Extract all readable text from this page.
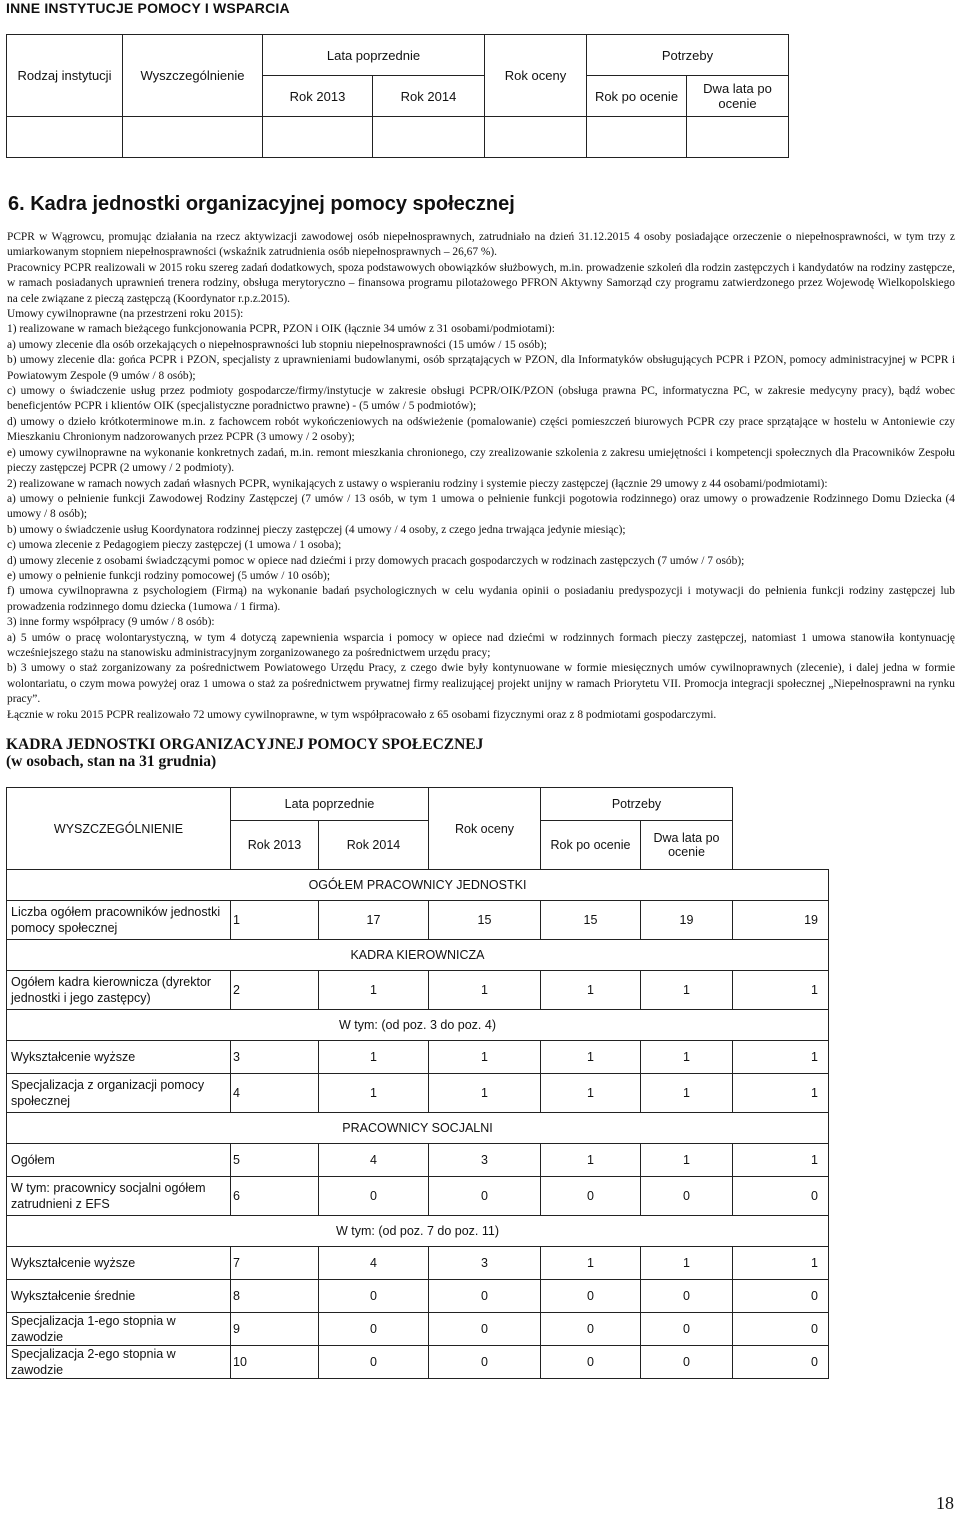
INNE INSTYTUCJE POMOCY I WSPARCIA
Rodzaj instytucji	Wyszczególnienie	Lata poprzednie		Rok oceny	Potrzeby	
		Rok 2013	Rok 2014		Rok po ocenie	Dwa lata po ocenie

6. Kadra jednostki organizacyjnej pomocy społecznej

PCPR w Wągrowcu, promując działania na rzecz aktywizacji zawodowej osób niepełnosprawnych, zatrudniało na dzień 31.12.2015 4 osoby posiadające orzeczenie o niepełnosprawności, w tym trzy z umiarkowanym stopniem niepełnosprawności (wskaźnik zatrudnienia osób niepełnosprawnych – 26,67 %).

Pracownicy PCPR realizowali w 2015 roku szereg zadań dodatkowych, spoza podstawowych obowiązków służbowych, m.in. prowadzenie szkoleń dla rodzin zastępczych i kandydatów na rodziny zastępcze, w ramach posiadanych uprawnień trenera rodziny, obsługa merytoryczno – finansowa programu pilotażowego PFRON Aktywny Samorząd czy programu zatwierdzonego przez Wojewodę Wielkopolskiego na cele związane z pieczą zastępczą (Koordynator r.p.z.2015).

Umowy cywilnoprawne (na przestrzeni roku 2015):

1) realizowane w ramach bieżącego funkcjonowania PCPR, PZON i OIK (łącznie 34 umów z 31 osobami/podmiotami):

a) umowy zlecenie dla osób orzekających o niepełnosprawności lub stopniu niepełnosprawności (15 umów / 15 osób);

b) umowy zlecenie dla: gońca PCPR i PZON, specjalisty z uprawnieniami budowlanymi, osób sprzątających w PZON, dla Informatyków obsługujących PCPR i PZON, pomocy administracyjnej w PCPR i Powiatowym Zespole (9 umów / 8 osób);

c) umowy o świadczenie usług przez podmioty gospodarcze/firmy/instytucje w zakresie obsługi PCPR/OIK/PZON (obsługa prawna PC, informatyczna PC, w zakresie medycyny pracy), bądź wobec beneficjentów PCPR i klientów OIK (specjalistyczne poradnictwo prawne) - (5 umów / 5 podmiotów);

d) umowy o dzieło krótkoterminowe m.in. z fachowcem robót wykończeniowych na odświeżenie (pomalowanie) części pomieszczeń biurowych PCPR czy prace sprzątające w hostelu w Antoniewie czy Mieszkaniu Chronionym nadzorowanych przez PCPR (3 umowy / 2 osoby);

e) umowy cywilnoprawne na wykonanie konkretnych zadań, m.in. remont mieszkania chronionego, czy zrealizowanie szkolenia z zakresu umiejętności i kompetencji społecznych dla Pracowników Zespołu pieczy zastępczej PCPR (2 umowy / 2 podmioty).

2) realizowane w ramach nowych zadań własnych PCPR, wynikających z ustawy o wspieraniu rodziny i systemie pieczy zastępczej (łącznie 29 umowy z 44 osobami/podmiotami):

a) umowy o pełnienie funkcji Zawodowej Rodziny Zastępczej (7 umów / 13 osób, w tym 1 umowa o pełnienie funkcji pogotowia rodzinnego) oraz umowy o prowadzenie Rodzinnego Domu Dziecka (4 umowy / 8 osób);

b) umowy o świadczenie usług Koordynatora rodzinnej pieczy zastępczej (4 umowy / 4 osoby, z czego jedna trwająca jedynie miesiąc);

c) umowa zlecenie z Pedagogiem pieczy zastępczej (1 umowa / 1 osoba);

d) umowy zlecenie z osobami świadczącymi pomoc w opiece nad dziećmi i przy domowych pracach gospodarczych w rodzinach zastępczych (7 umów / 7 osób);

e) umowy o pełnienie funkcji rodziny pomocowej (5 umów / 10 osób);

f) umowa cywilnoprawna z psychologiem (Firmą) na wykonanie badań psychologicznych w celu wydania opinii o posiadaniu predyspozycji i motywacji do pełnienia funkcji rodziny zastępczej lub prowadzenia rodzinnego domu dziecka (1umowa / 1 firma).

3) inne formy współpracy (9 umów / 8 osób):

a) 5 umów o pracę wolontarystyczną, w tym 4 dotyczą zapewnienia wsparcia i pomocy w opiece nad dziećmi w rodzinnych formach pieczy zastępczej, natomiast 1 umowa stanowiła kontynuację wcześniejszego stażu na stanowisku administracyjnym zorganizowanego za pośrednictwem urzędu pracy;

b) 3 umowy o staż zorganizowany za pośrednictwem Powiatowego Urzędu Pracy, z czego dwie były kontynuowane w formie miesięcznych umów cywilnoprawnych (zlecenie), i dalej jedna w formie wolontariatu, o czym mowa powyżej oraz 1 umowa o staż za pośrednictwem prywatnej firmy realizującej projekt unijny w ramach Priorytetu VII. Promocja integracji społecznej „Niepełnosprawni na rynku pracy”.

Łącznie w roku 2015 PCPR realizowało 72 umowy cywilnoprawne, w tym współpracowało z 65 osobami fizycznymi oraz z 8 podmiotami gospodarczymi.

KADRA JEDNOSTKI ORGANIZACYJNEJ POMOCY SPOŁECZNEJ
(w osobach, stan na 31 grudnia)
WYSZCZEGÓLNIENIE	Lata poprzednie		Rok oceny	Potrzeby		
	Rok 2013	Rok 2014		Rok po ocenie	Dwa lata po ocenie	
OGÓŁEM PRACOWNICY JEDNOSTKI						
Liczba ogółem pracowników jednostki pomocy społecznej	1	17	15	15	19	19
KADRA KIEROWNICZA						
Ogółem kadra kierownicza (dyrektor jednostki i jego zastępcy)	2	1	1	1	1	1
W tym: (od poz. 3 do poz. 4)						
Wykształcenie wyższe	3	1	1	1	1	1
Specjalizacja z organizacji pomocy społecznej	4	1	1	1	1	1
PRACOWNICY SOCJALNI						
Ogółem	5	4	3	1	1	1
W tym: pracownicy socjalni ogółem zatrudnieni z EFS	6	0	0	0	0	0
W tym: (od poz. 7 do poz. 11)						
Wykształcenie wyższe	7	4	3	1	1	1
Wykształcenie średnie	8	0	0	0	0	0
Specjalizacja 1-ego stopnia w zawodzie	9	0	0	0	0	0
Specjalizacja 2-ego stopnia w zawodzie	10	0	0	0	0	0
18
